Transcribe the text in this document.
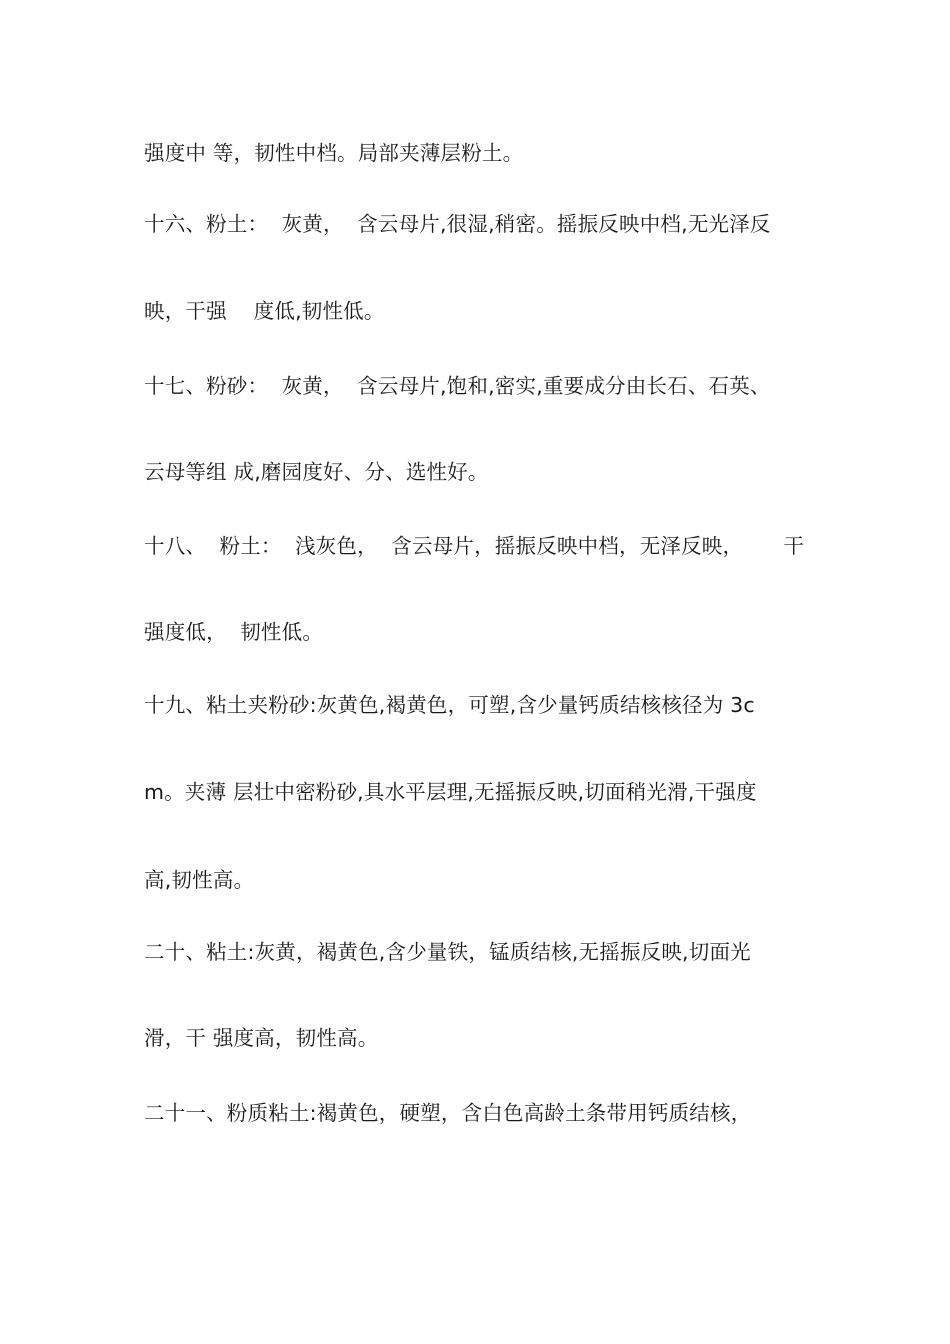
强度中 等，韧性中档。局部夹薄层粉土。
十六、粉土：  灰黄，  含云母片,很湿,稍密。摇振反映中档,无光泽反
映，干强    度低,韧性低。
十七、粉砂：  灰黄，  含云母片,饱和,密实,重要成分由长石、石英、
云母等组 成,磨园度好、分、选性好。
十八、  粉土：  浅灰色，  含云母片，摇振反映中档，无泽反映，      干
强度低，  韧性低。
十九、粘土夹粉砂:灰黄色,褐黄色，可塑,含少量钙质结核核径为 3c
m。夹薄 层壮中密粉砂,具水平层理,无摇振反映,切面稍光滑,干强度
高,韧性高。
二十、粘土:灰黄，褐黄色,含少量铁，锰质结核,无摇振反映,切面光
滑，干 强度高，韧性高。
二十一、粉质粘土:褐黄色，硬塑，含白色高龄土条带用钙质结核，
